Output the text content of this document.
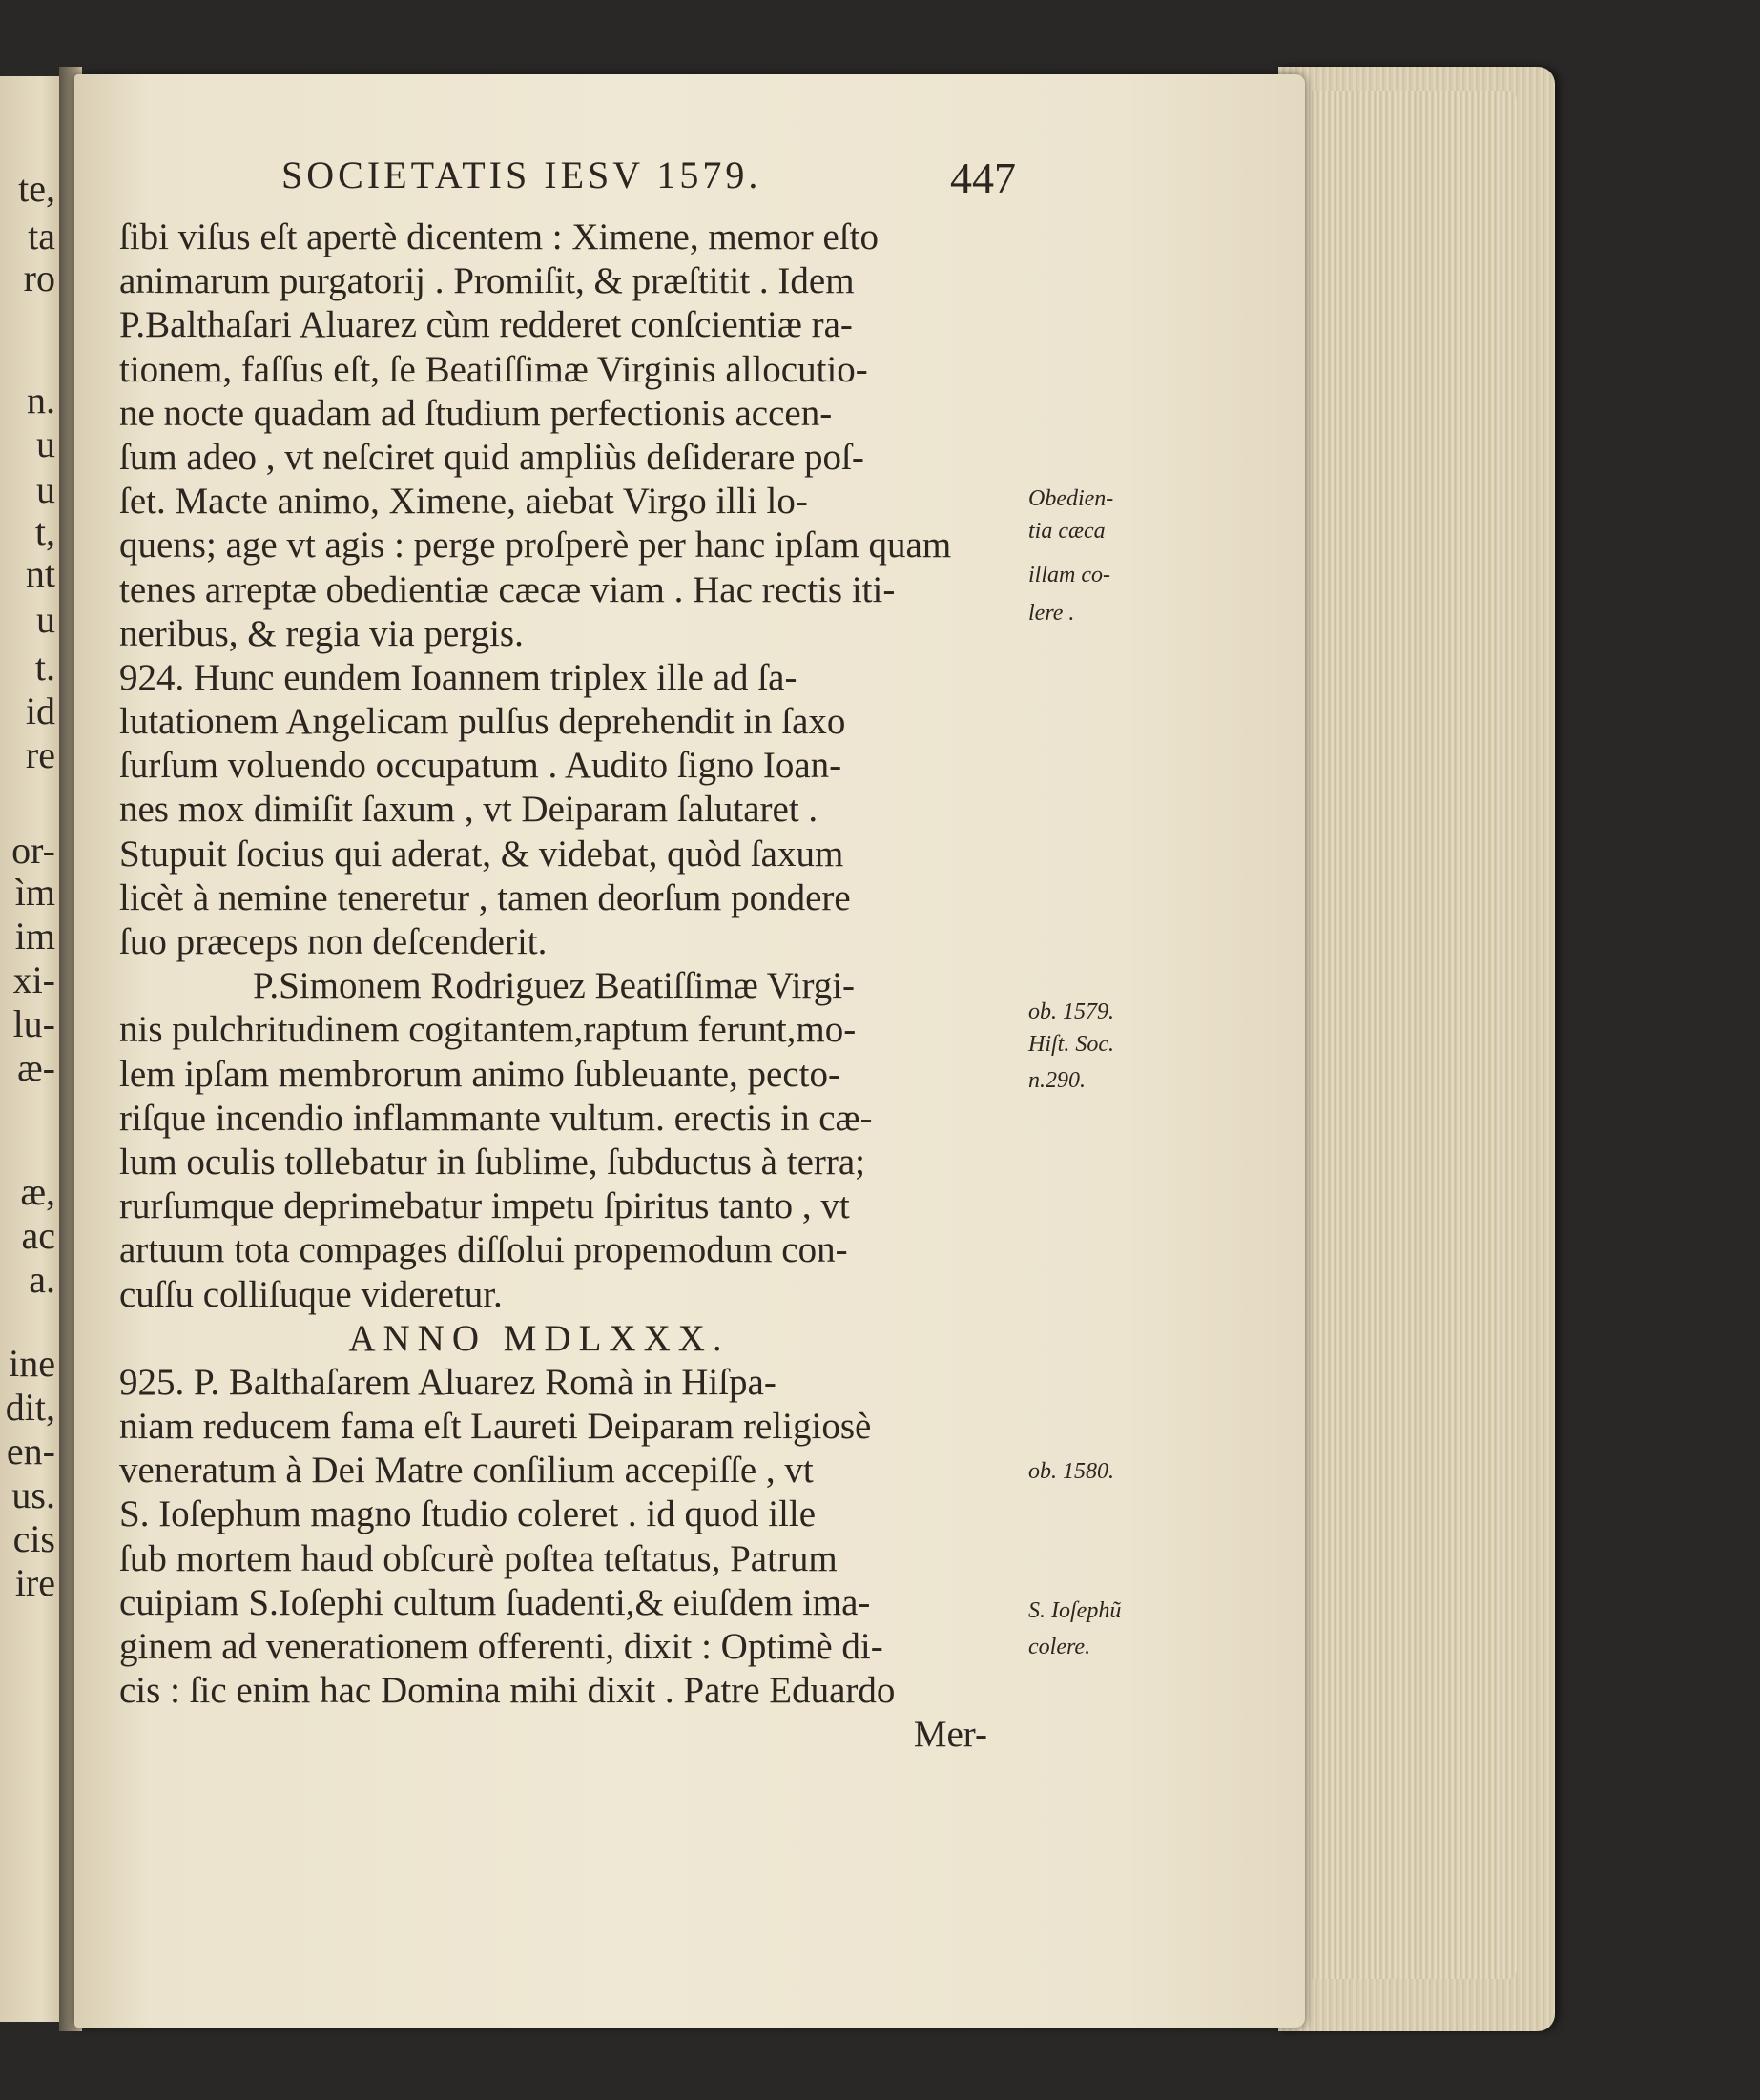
te,
ta
ro
n.
u
u
t,
nt
u
t.
id
re
or-
ìm
im
xi-
lu-
æ-
æ,
ac
a.
ine
dit,
en-
us.
cis
ire
SOCIETATIS IESV 1579.	447
ſibi viſus eſt apertè dicentem : Ximene, memor eſto
animarum purgatorij . Promiſit, & præſtitit . Idem
P.Balthaſari Aluarez cùm redderet conſcientiæ ra-
tionem, faſſus eſt, ſe Beatiſſimæ Virginis allocutio-
ne nocte quadam ad ſtudium perfectionis accen-
ſum adeo , vt neſciret quid ampliùs deſiderare poſ-
ſet. Macte animo, Ximene, aiebat Virgo illi lo-
quens; age vt agis : perge proſperè per hanc ipſam quam
tenes arreptæ obedientiæ cæcæ viam . Hac rectis iti-
neribus, & regia via pergis.
924. Hunc eundem Ioannem triplex ille ad ſa-
lutationem Angelicam pulſus deprehendit in ſaxo
ſurſum voluendo occupatum . Audito ſigno Ioan-
nes mox dimiſit ſaxum , vt Deiparam ſalutaret .
Stupuit ſocius qui aderat, & videbat, quòd ſaxum
licèt à nemine teneretur , tamen deorſum pondere
ſuo præceps non deſcenderit.
P.Simonem Rodriguez Beatiſſimæ Virgi-
nis pulchritudinem cogitantem,raptum ferunt,mo-
lem ipſam membrorum animo ſubleuante, pecto-
riſque incendio inflammante vultum. erectis in cæ-
lum oculis tollebatur in ſublime, ſubductus à terra;
rurſumque deprimebatur impetu ſpiritus tanto , vt
artuum tota compages diſſolui propemodum con-
cuſſu colliſuque videretur.
ANNO MDLXXX.
925. P. Balthaſarem Aluarez Romà in Hiſpa-
niam reducem fama eſt Laureti Deiparam religiosè
veneratum à Dei Matre conſilium accepiſſe , vt
S. Ioſephum magno ſtudio coleret . id quod ille
ſub mortem haud obſcurè poſtea teſtatus, Patrum
cuipiam S.Ioſephi cultum ſuadenti,& eiuſdem ima-
ginem ad venerationem offerenti, dixit : Optimè di-
cis : ſic enim hac Domina mihi dixit . Patre Eduardo
Mer-
Obedien-
tia cæca
illam co-
lere .
ob. 1579.
Hiſt. Soc.
n.290.
ob. 1580.
S. Ioſephũ
colere.
